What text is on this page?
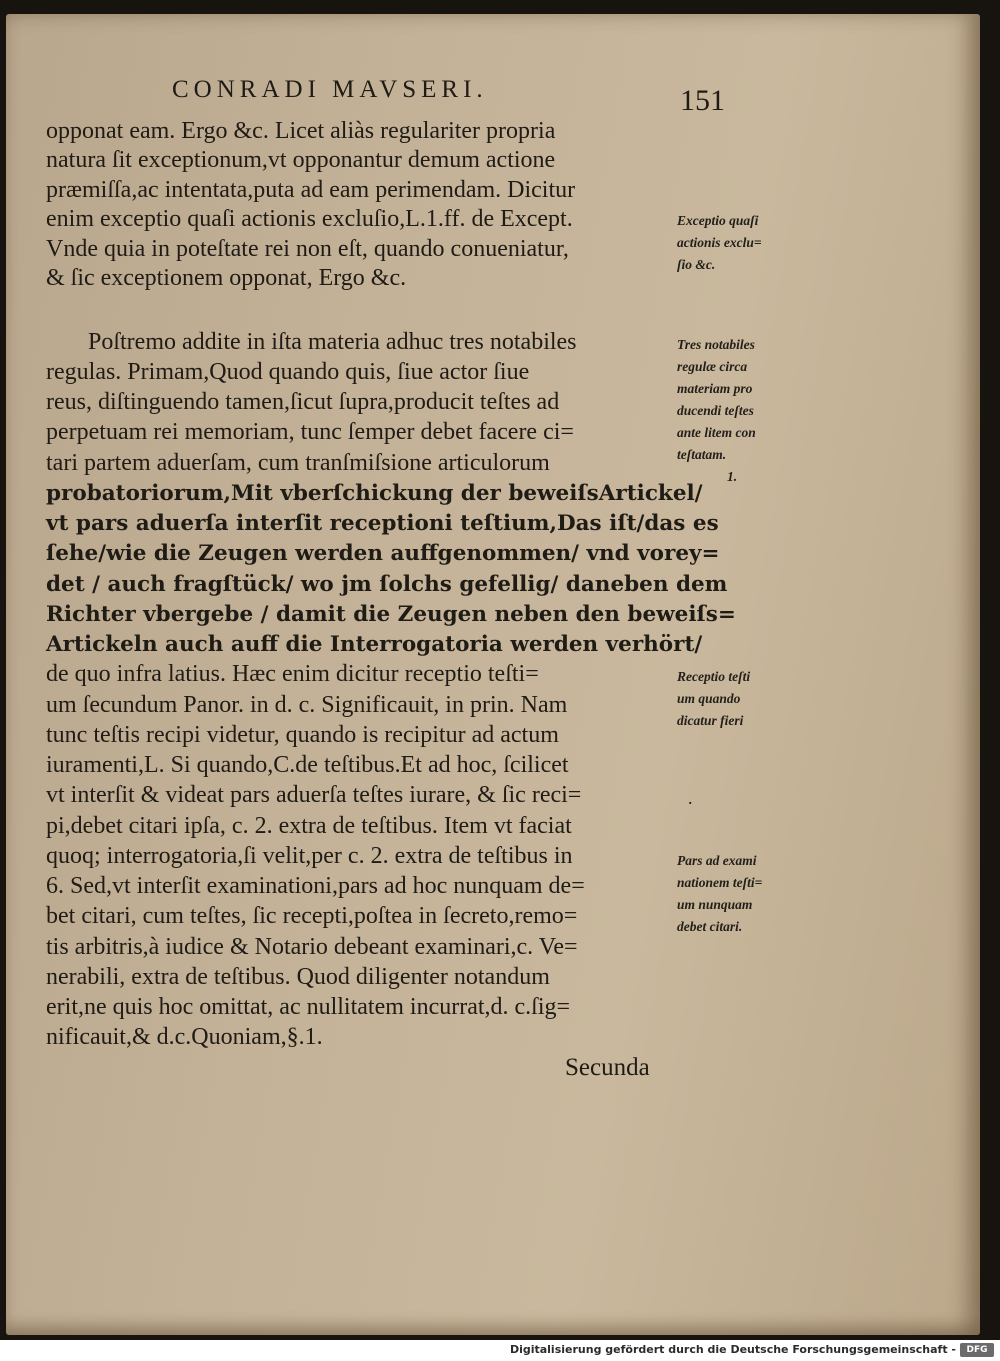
CONRADI MAVSERI.	151
opponat eam. Ergo &c. Licet aliàs regulariter propria
natura ſit exceptionum,vt opponantur demum actione
præmiſſa,ac intentata,puta ad eam perimendam. Dicitur
enim exceptio quaſi actionis excluſio,L.1.ff. de Except.
Vnde quia in poteſtate rei non eſt, quando conueniatur,
& ſic exceptionem opponat, Ergo &c.
Poſtremo addite in iſta materia adhuc tres notabiles
regulas. Primam,Quod quando quis, ſiue actor ſiue
reus, diſtinguendo tamen,ſicut ſupra,producit teſtes ad
perpetuam rei memoriam, tunc ſemper debet facere ci=
tari partem aduerſam, cum tranſmiſsione articulorum
probatoriorum,Mit vberſchickung der beweiſsArtickel/
vt pars aduerſa interſit receptioni teſtium,Das iſt/das es
ſehe/wie die Zeugen werden auffgenommen/ vnd vorey=
det / auch fragſtück/ wo jm ſolchs gefellig/ daneben dem
Richter vbergebe / damit die Zeugen neben den beweiſs=
Artickeln auch auff die Interrogatoria werden verhört/
de quo infra latius. Hæc enim dicitur receptio teſti=
um ſecundum Panor. in d. c. Significauit, in prin. Nam
tunc teſtis recipi videtur, quando is recipitur ad actum
iuramenti,L. Si quando,C.de teſtibus.Et ad hoc, ſcilicet
vt interſit & videat pars aduerſa teſtes iurare, & ſic reci=
pi,debet citari ipſa, c. 2. extra de teſtibus. Item vt faciat
quoq; interrogatoria,ſi velit,per c. 2. extra de teſtibus in
6. Sed,vt interſit examinationi,pars ad hoc nunquam de=
bet citari, cum teſtes, ſic recepti,poſtea in ſecreto,remo=
tis arbitris,à iudice & Notario debeant examinari,c. Ve=
nerabili, extra de teſtibus. Quod diligenter notandum
erit,ne quis hoc omittat, ac nullitatem incurrat,d. c.ſig=
nificauit,& d.c.Quoniam,§.1.
Exceptio quaſi
actionis exclu=
ſio &c.
Tres notabiles
regulæ circa
materiam pro
ducendi teſtes
ante litem con
teſtatam.
1.
Receptio teſti
um quando
dicatur fieri
.
Pars ad exami
nationem teſti=
um nunquam
debet citari.
Secunda
Digitalisierung gefördert durch die Deutsche Forschungsgemeinschaft -	DFG
